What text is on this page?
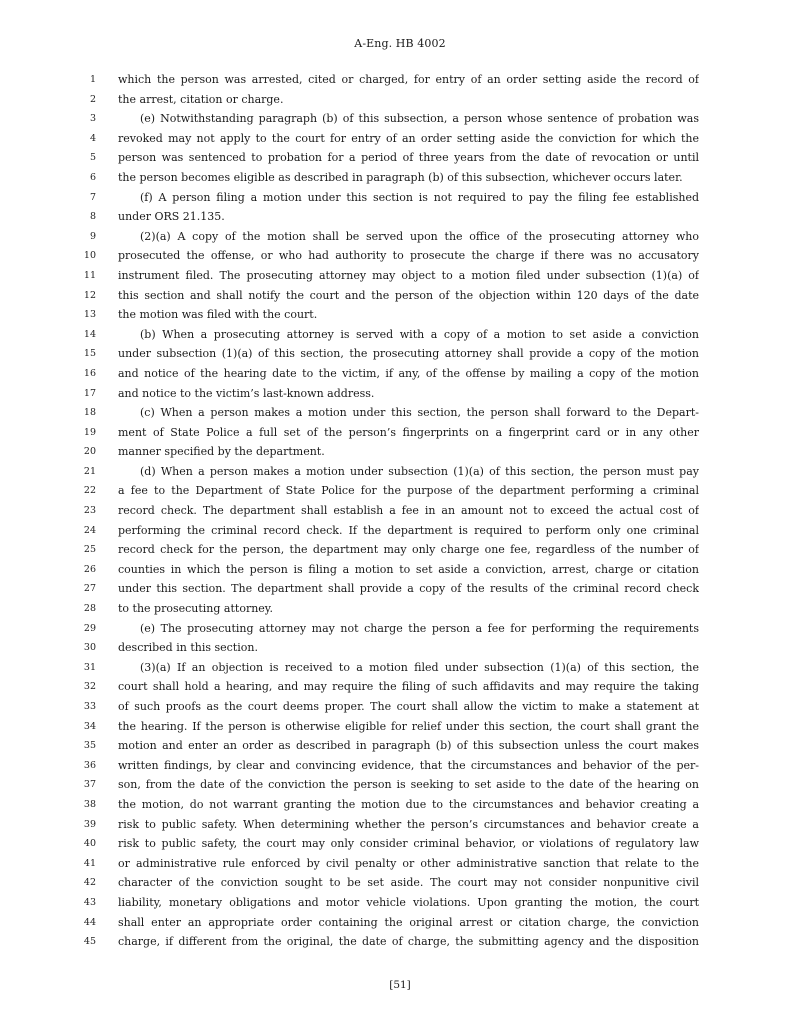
A-Eng. HB 4002
1 which the person was arrested, cited or charged, for entry of an order setting aside the record of
2 the arrest, citation or charge.
3	(e) Notwithstanding paragraph (b) of this subsection, a person whose sentence of probation was
4 revoked may not apply to the court for entry of an order setting aside the conviction for which the
5 person was sentenced to probation for a period of three years from the date of revocation or until
6 the person becomes eligible as described in paragraph (b) of this subsection, whichever occurs later.
7	(f) A person filing a motion under this section is not required to pay the filing fee established
8 under ORS 21.135.
9	(2)(a) A copy of the motion shall be served upon the office of the prosecuting attorney who
10 prosecuted the offense, or who had authority to prosecute the charge if there was no accusatory
11 instrument filed. The prosecuting attorney may object to a motion filed under subsection (1)(a) of
12 this section and shall notify the court and the person of the objection within 120 days of the date
13 the motion was filed with the court.
14	(b) When a prosecuting attorney is served with a copy of a motion to set aside a conviction
15 under subsection (1)(a) of this section, the prosecuting attorney shall provide a copy of the motion
16 and notice of the hearing date to the victim, if any, of the offense by mailing a copy of the motion
17 and notice to the victim’s last-known address.
18	(c) When a person makes a motion under this section, the person shall forward to the Depart-
19 ment of State Police a full set of the person’s fingerprints on a fingerprint card or in any other
20 manner specified by the department.
21	(d) When a person makes a motion under subsection (1)(a) of this section, the person must pay
22 a fee to the Department of State Police for the purpose of the department performing a criminal
23 record check. The department shall establish a fee in an amount not to exceed the actual cost of
24 performing the criminal record check. If the department is required to perform only one criminal
25 record check for the person, the department may only charge one fee, regardless of the number of
26 counties in which the person is filing a motion to set aside a conviction, arrest, charge or citation
27 under this section. The department shall provide a copy of the results of the criminal record check
28 to the prosecuting attorney.
29	(e) The prosecuting attorney may not charge the person a fee for performing the requirements
30 described in this section.
31	(3)(a) If an objection is received to a motion filed under subsection (1)(a) of this section, the
32 court shall hold a hearing, and may require the filing of such affidavits and may require the taking
33 of such proofs as the court deems proper. The court shall allow the victim to make a statement at
34 the hearing. If the person is otherwise eligible for relief under this section, the court shall grant the
35 motion and enter an order as described in paragraph (b) of this subsection unless the court makes
36 written findings, by clear and convincing evidence, that the circumstances and behavior of the per-
37 son, from the date of the conviction the person is seeking to set aside to the date of the hearing on
38 the motion, do not warrant granting the motion due to the circumstances and behavior creating a
39 risk to public safety. When determining whether the person’s circumstances and behavior create a
40 risk to public safety, the court may only consider criminal behavior, or violations of regulatory law
41 or administrative rule enforced by civil penalty or other administrative sanction that relate to the
42 character of the conviction sought to be set aside. The court may not consider nonpunitive civil
43 liability, monetary obligations and motor vehicle violations. Upon granting the motion, the court
44 shall enter an appropriate order containing the original arrest or citation charge, the conviction
45 charge, if different from the original, the date of charge, the submitting agency and the disposition
[51]
